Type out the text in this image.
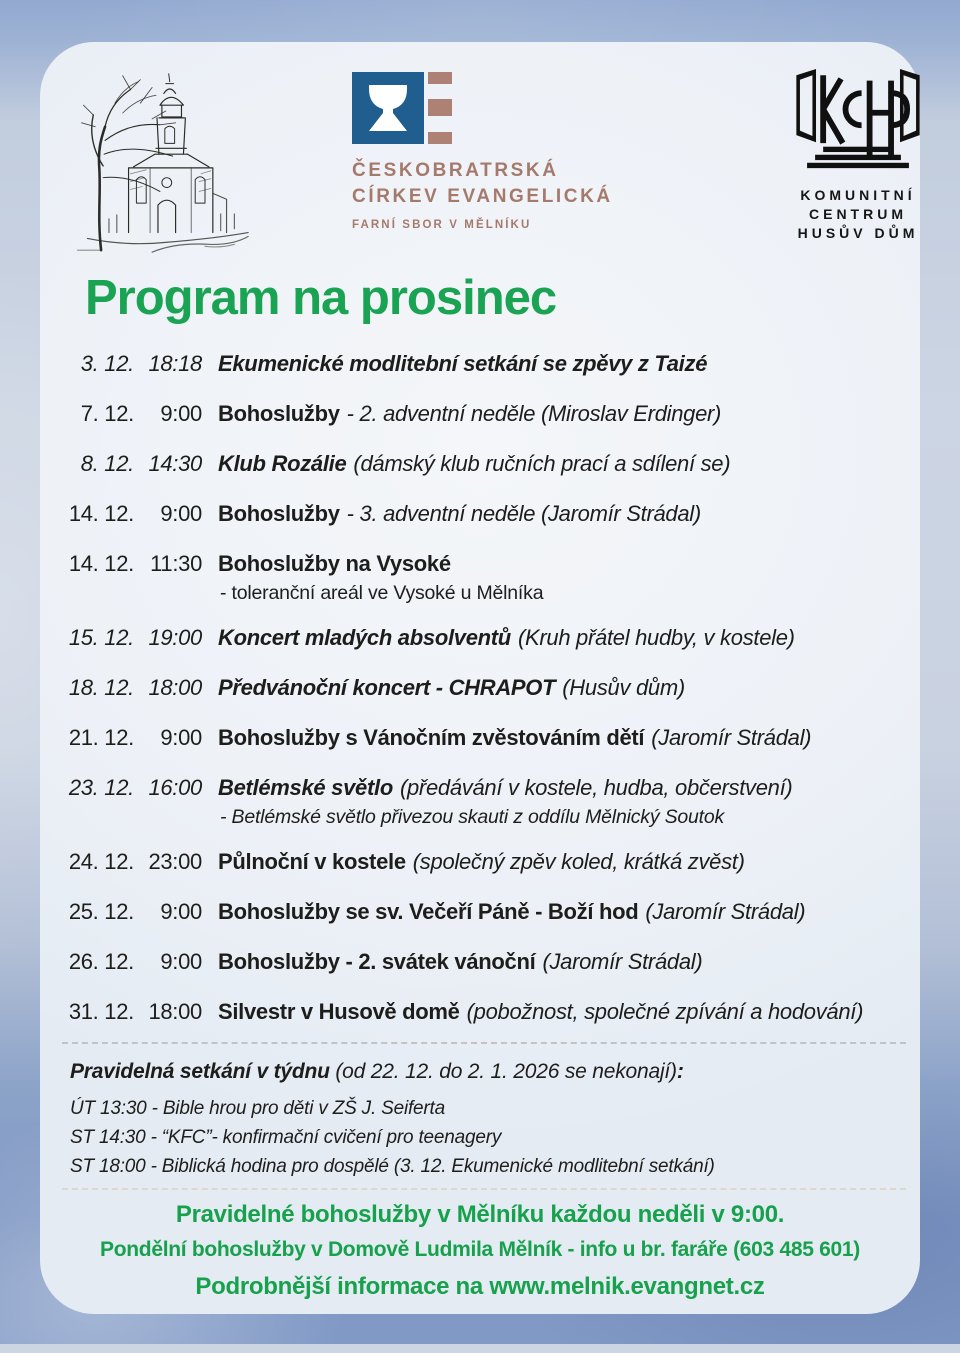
ČESKOBRATRSKÁ
CÍRKEV EVANGELICKÁ
FARNÍ SBOR V MĚLNÍKU
KOMUNITNÍ
CENTRUM
HUSŮV DŮM
Program na prosinec
3. 12. 18:18 Ekumenické modlitební setkání se zpěvy z Taizé
7. 12.	9:00 Bohoslužby - 2. adventní neděle (Miroslav Erdinger)
8. 12. 14:30 Klub Rozálie (dámský klub ručních prací a sdílení se)
14. 12.	9:00 Bohoslužby - 3. adventní neděle (Jaromír Strádal)
14. 12. 11:30 Bohoslužby na Vysoké
- toleranční areál ve Vysoké u Mělníka
15. 12. 19:00 Koncert mladých absolventů (Kruh přátel hudby, v kostele)
18. 12. 18:00 Předvánoční koncert - CHRAPOT (Husův dům)
21. 12.	9:00 Bohoslužby s Vánočním zvěstováním dětí (Jaromír Strádal)
23. 12. 16:00 Betlémské světlo (předávání v kostele, hudba, občerstvení)
- Betlémské světlo přivezou skauti z oddílu Mělnický Soutok
24. 12. 23:00 Půlnoční v kostele (společný zpěv koled, krátká zvěst)
25. 12.	9:00 Bohoslužby se sv. Večeří Páně - Boží hod (Jaromír Strádal)
26. 12.	9:00 Bohoslužby - 2. svátek vánoční (Jaromír Strádal)
31. 12. 18:00 Silvestr v Husově domě (pobožnost, společné zpívání a hodování)
Pravidelná setkání v týdnu (od 22. 12. do 2. 1. 2026 se nekonají):
ÚT 13:30 - Bible hrou pro děti v ZŠ J. Seiferta
ST 14:30 - “KFC”- konfirmační cvičení pro teenagery
ST 18:00 - Biblická hodina pro dospělé (3. 12. Ekumenické modlitební setkání)
Pravidelné bohoslužby v Mělníku každou neděli v 9:00.
Pondělní bohoslužby v Domově Ludmila Mělník - info u br. faráře (603 485 601)
Podrobnější informace na www.melnik.evangnet.cz
